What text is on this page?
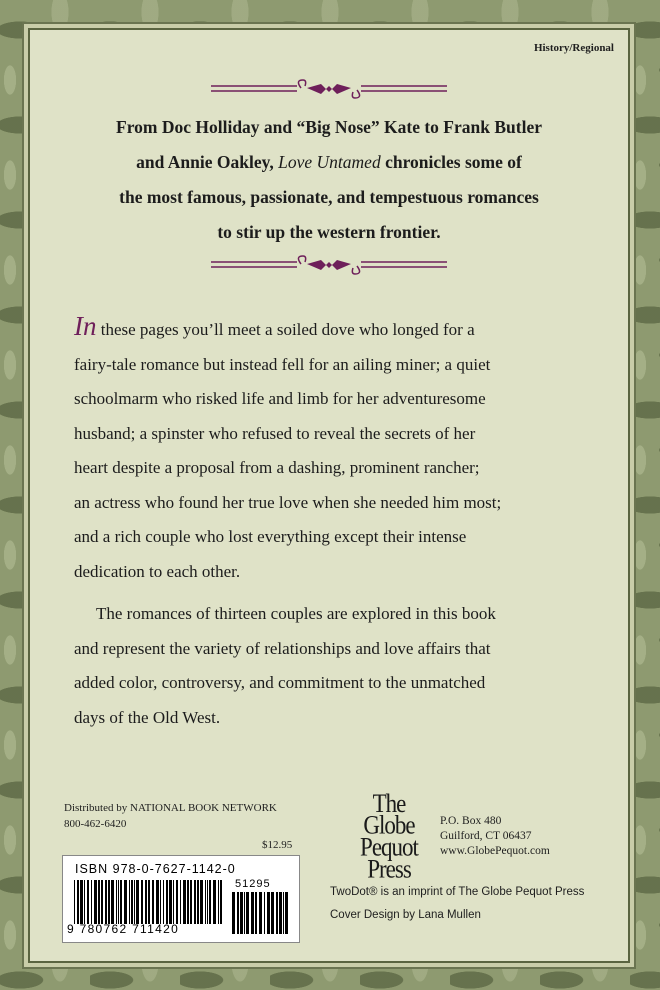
History/Regional
From Doc Holliday and “Big Nose” Kate to Frank Butler
and Annie Oakley, Love Untamed chronicles some of
the most famous, passionate, and tempestuous romances
to stir up the western frontier.

In these pages you’ll meet a soiled dove who longed for a
fairy-tale romance but instead fell for an ailing miner; a quiet
schoolmarm who risked life and limb for her adventuresome
husband; a spinster who refused to reveal the secrets of her
heart despite a proposal from a dashing, prominent rancher;
an actress who found her true love when she needed him most;
and a rich couple who lost everything except their intense
dedication to each other.

The romances of thirteen couples are explored in this book
and represent the variety of relationships and love affairs that
added color, controversy, and commitment to the unmatched
days of the Old West.

Distributed by NATIONAL BOOK NETWORK
800-462-6420
$12.95
The
Globe
Pequot
Press
P.O. Box 480
Guilford, CT 06437
www.GlobePequot.com
ISBN 978-0-7627-1142-0
51295
9 780762 711420
TwoDot® is an imprint of The Globe Pequot Press
Cover Design by Lana Mullen
